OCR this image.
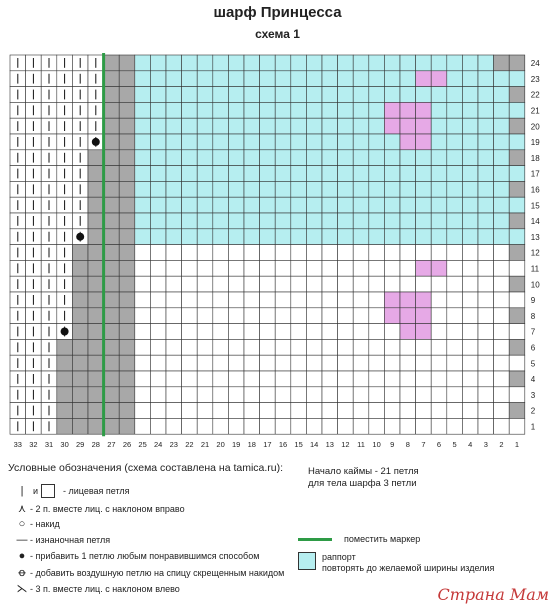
шарф Принцесса
схема 1
24
23
22
21
20
19
18
17
16
15
14
13
12
11
10
9
8
7
6
5
4
3
2
1
33 32 31 30 29 28 27 26 25 24 23 22 21 20 19 18 17 16 15 14 13 12 11 10 9 8 7 6 5 4 3 2 1
Условные обозначения (схема составлена на tamica.ru):
|	и	- лицевая петля
⋏ - 2 п. вместе лиц. с наклоном вправо
○ - накид
— - изнаночная петля
● - прибавить 1 петлю любым понравившимся способом
ꝋ - добавить воздушную петлю на спицу скрещенным накидом
⋋ - 3 п. вместе лиц. с наклоном влево
Начало каймы - 21 петля
для тела шарфа 3 петли
поместить маркер
раппорт
повторять до желаемой ширины изделия
Страна Мам
